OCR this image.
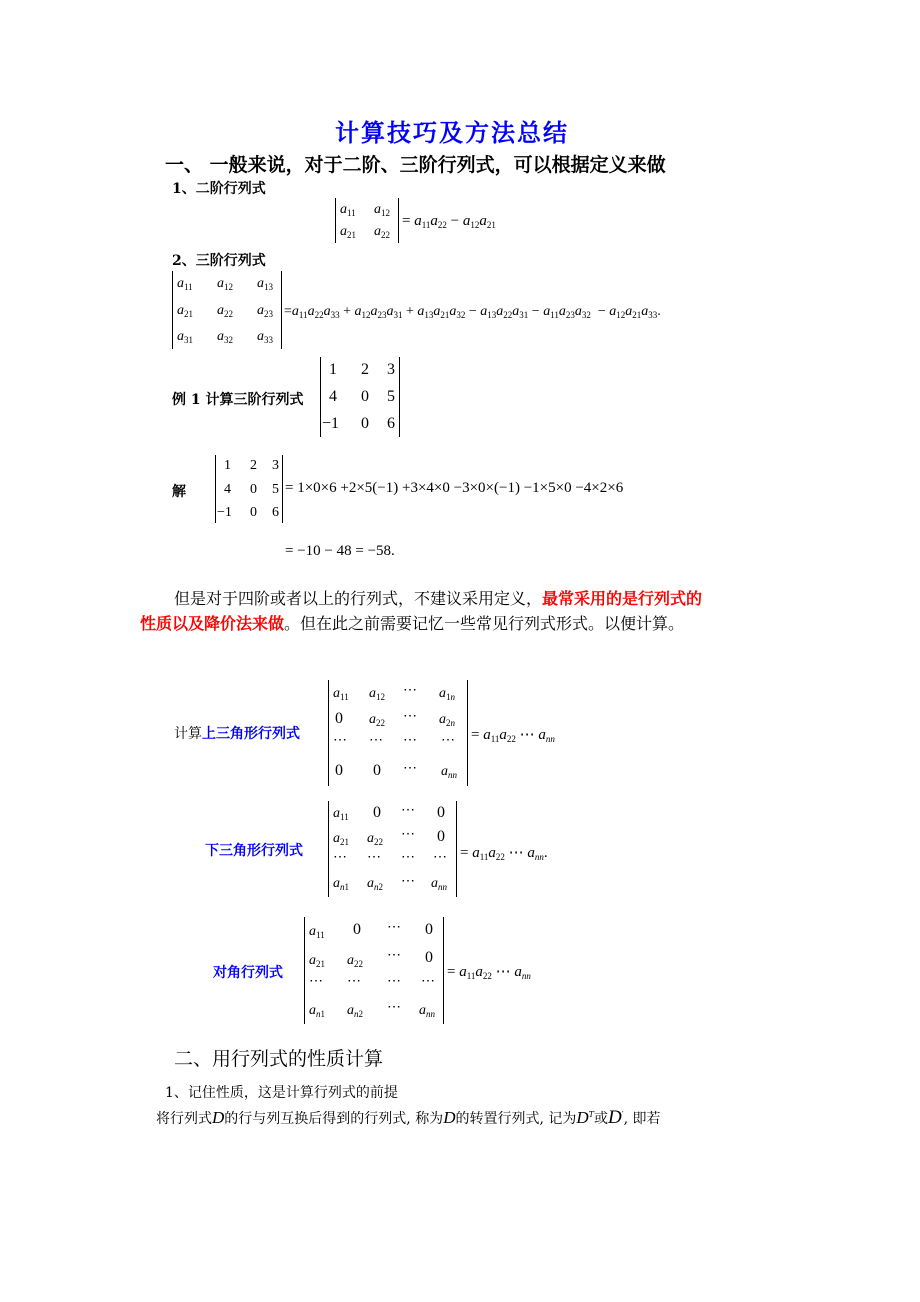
计算技巧及方法总结
一、 一般来说，对于二阶、三阶行列式，可以根据定义来做
1、二阶行列式
$a_{11}$ $a_{12}$
$a_{21}$ $a_{22}$
= $a_{11}a_{22} - a_{12}a_{21}$
2、三阶行列式
$a_{11}$ $a_{12}$ $a_{13}$
$a_{21}$ $a_{22}$ $a_{23}$
$a_{31}$ $a_{32}$ $a_{33}$
$=a_{11}a_{22}a_{33} + a_{12}a_{23}a_{31} + a_{13}a_{21}a_{32} - a_{13}a_{22}a_{31} - a_{11}a_{23}a_{32} - a_{12}a_{21}a_{33}$.
例 1 计算三阶行列式
1 2 3
4 0 5
−1 0 6
解
1 2 3
4 0 5
−1 0 6
= 1×0×6 +2×5(−1) +3×4×0 −3×0×(−1) −1×5×0 −4×2×6
= −10 − 48 = −58.
但是对于四阶或者以上的行列式，不建议采用定义，最常采用的是行列式的
性质以及降价法来做。但在此之前需要记忆一些常见行列式形式。以便计算。
计算上三角形行列式
$a_{11}$ $a_{12}$ ⋯ $a_{1n}$
0 $a_{22}$ ⋯ $a_{2n}$
⋯ ⋯ ⋯ ⋯
0 0 ⋯ $a_{nn}$
= $a_{11}a_{22}$ ⋯ $a_{nn}$
下三角形行列式
$a_{11}$ 0 ⋯ 0
$a_{21}$ $a_{22}$ ⋯ 0
⋯ ⋯ ⋯ ⋯
$a_{n1}$ $a_{n2}$ ⋯ $a_{nn}$
= $a_{11}a_{22}$ ⋯ $a_{nn}$.
对角行列式
$a_{11}$ 0 ⋯ 0
$a_{21}$ $a_{22}$
⋯ 0
⋯ ⋯ ⋯ ⋯
$a_{n1}$ $a_{n2}$ ⋯ $a_{nn}$
= $a_{11}a_{22}$ ⋯ $a_{nn}$
二、用行列式的性质计算
1、记住性质，这是计算行列式的前提
将行列式D的行与列互换后得到的行列式, 称为D的转置行列式, 记为$D^T$或D′, 即若
